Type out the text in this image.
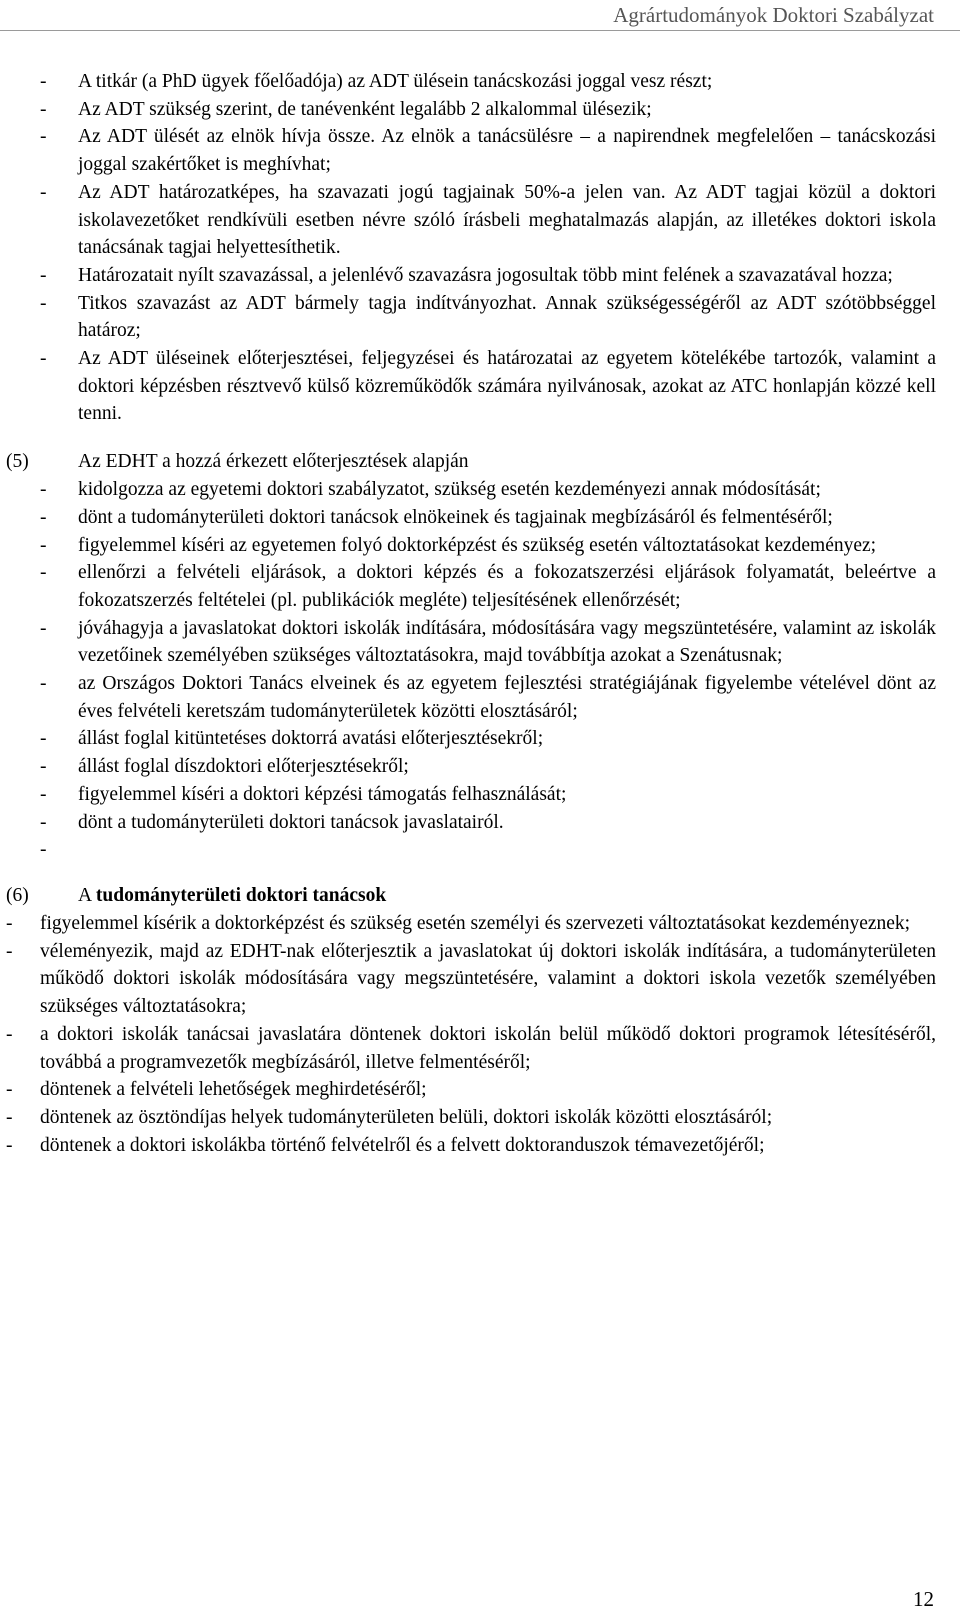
Agrártudományok Doktori Szabályzat
- A titkár (a PhD ügyek főelőadója) az ADT ülésein tanácskozási joggal vesz részt;
- Az ADT szükség szerint, de tanévenként legalább 2 alkalommal ülésezik;
- Az ADT ülését az elnök hívja össze. Az elnök a tanácsülésre – a napirendnek megfelelően – tanácskozási joggal szakértőket is meghívhat;
- Az ADT határozatképes, ha szavazati jogú tagjainak 50%-a jelen van. Az ADT tagjai közül a doktori iskolavezetőket rendkívüli esetben névre szóló írásbeli meghatalmazás alapján, az illetékes doktori iskola tanácsának tagjai helyettesíthetik.
- Határozatait nyílt szavazással, a jelenlévő szavazásra jogosultak több mint felének a szavazatával hozza;
- Titkos szavazást az ADT bármely tagja indítványozhat. Annak szükségességéről az ADT szótöbbséggel határoz;
- Az ADT üléseinek előterjesztései, feljegyzései és határozatai az egyetem kötelékébe tartozók, valamint a doktori képzésben résztvevő külső közreműködők számára nyilvánosak, azokat az ATC honlapján közzé kell tenni.
(5)	Az EDHT a hozzá érkezett előterjesztések alapján
- kidolgozza az egyetemi doktori szabályzatot, szükség esetén kezdeményezi annak módosítását;
- dönt a tudományterületi doktori tanácsok elnökeinek és tagjainak megbízásáról és felmentéséről;
- figyelemmel kíséri az egyetemen folyó doktorképzést és szükség esetén változtatásokat kezdeményez;
- ellenőrzi a felvételi eljárások, a doktori képzés és a fokozatszerzési eljárások folyamatát, beleértve a fokozatszerzés feltételei (pl. publikációk megléte) teljesítésének ellenőrzését;
- jóváhagyja a javaslatokat doktori iskolák indítására, módosítására vagy megszüntetésére, valamint az iskolák vezetőinek személyében szükséges változtatásokra, majd továbbítja azokat a Szenátusnak;
- az Országos Doktori Tanács elveinek és az egyetem fejlesztési stratégiájának figyelembe vételével dönt az éves felvételi keretszám tudományterületek közötti elosztásáról;
- állást foglal kitüntetéses doktorrá avatási előterjesztésekről;
- állást foglal díszdoktori előterjesztésekről;
- figyelemmel kíséri a doktori képzési támogatás felhasználását;
- dönt a tudományterületi doktori tanácsok javaslatairól.
-
(6)	A tudományterületi doktori tanácsok
- figyelemmel kísérik a doktorképzést és szükség esetén személyi és szervezeti változtatásokat kezdeményeznek;
- véleményezik, majd az EDHT-nak előterjesztik a javaslatokat új doktori iskolák indítására, a tudományterületen működő doktori iskolák módosítására vagy megszüntetésére, valamint a doktori iskola vezetők személyében szükséges változtatásokra;
- a doktori iskolák tanácsai javaslatára döntenek doktori iskolán belül működő doktori programok létesítéséről, továbbá a programvezetők megbízásáról, illetve felmentéséről;
- döntenek a felvételi lehetőségek meghirdetéséről;
- döntenek az ösztöndíjas helyek tudományterületen belüli, doktori iskolák közötti elosztásáról;
- döntenek a doktori iskolákba történő felvételről és a felvett doktoranduszok témavezetőjéről;
12
